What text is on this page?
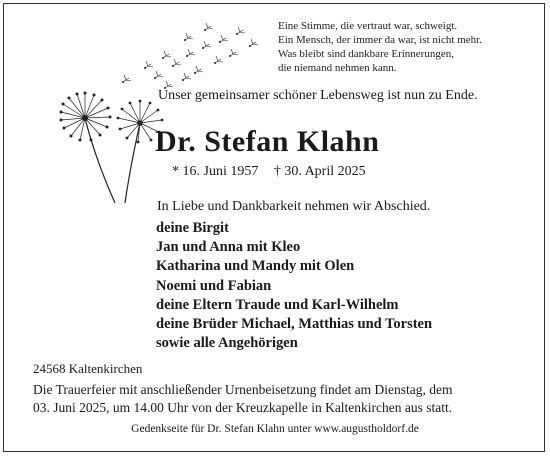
Eine Stimme, die vertraut war, schweigt.
Ein Mensch, der immer da war, ist nicht mehr.
Was bleibt sind dankbare Erinnerungen,
die niemand nehmen kann.
Unser gemeinsamer schöner Lebensweg ist nun zu Ende.
Dr. Stefan Klahn
* 16. Juni 1957 † 30. April 2025
In Liebe und Dankbarkeit nehmen wir Abschied.
deine Birgit
Jan und Anna mit Kleo
Katharina und Mandy mit Olen
Noemi und Fabian
deine Eltern Traude und Karl-Wilhelm
deine Brüder Michael, Matthias und Torsten
sowie alle Angehörigen
24568 Kaltenkirchen
Die Trauerfeier mit anschließender Urnenbeisetzung findet am Dienstag, dem
03. Juni 2025, um 14.00 Uhr von der Kreuzkapelle in Kaltenkirchen aus statt.
Gedenkseite für Dr. Stefan Klahn unter www.augustholdorf.de
